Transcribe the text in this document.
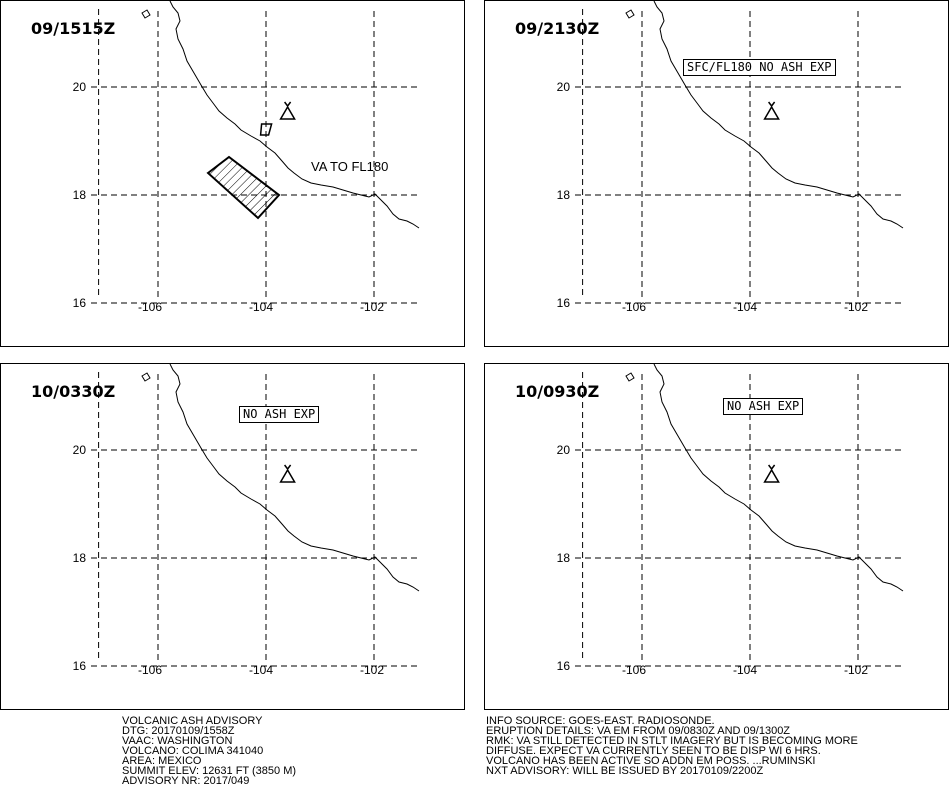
09/1515Z
VA TO FL180
20
18
16	-106	-104	-102
09/2130Z
SFC/FL180 NO ASH EXP
20
18
16	-106	-104	-102
10/0330Z
NO ASH EXP
20
18
16	-106	-104	-102
10/0930Z
NO ASH EXP
20
18
16	-106	-104	-102
VOLCANIC ASH ADVISORY
DTG: 20170109/1558Z
VAAC: WASHINGTON
VOLCANO: COLIMA 341040
AREA: MEXICO
SUMMIT ELEV: 12631 FT (3850 M)
ADVISORY NR: 2017/049
INFO SOURCE: GOES-EAST. RADIOSONDE.
ERUPTION DETAILS: VA EM FROM 09/0830Z AND 09/1300Z
RMK: VA STILL DETECTED IN STLT IMAGERY BUT IS BECOMING MORE
DIFFUSE. EXPECT VA CURRENTLY SEEN TO BE DISP WI 6 HRS.
VOLCANO HAS BEEN ACTIVE SO ADDN EM POSS. ...RUMINSKI
NXT ADVISORY: WILL BE ISSUED BY 20170109/2200Z
